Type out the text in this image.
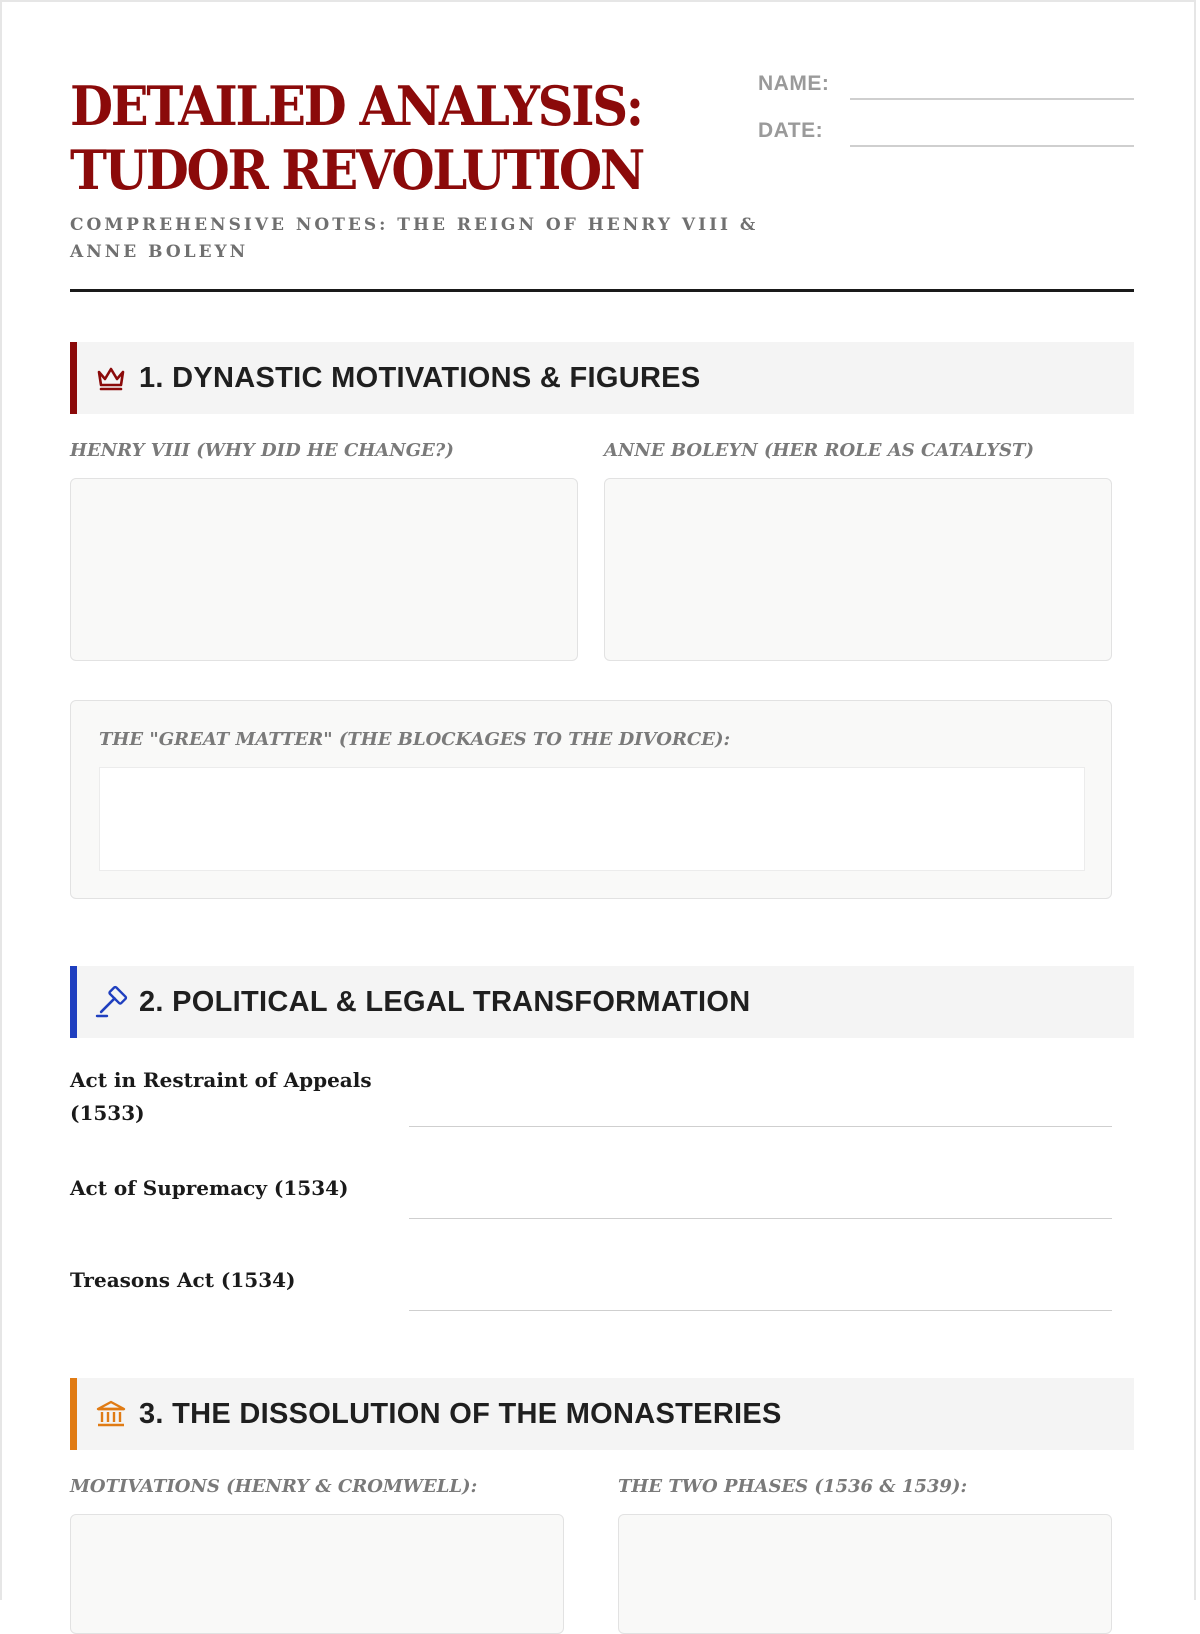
DETAILED ANALYSIS:
TUDOR REVOLUTION
COMPREHENSIVE NOTES: THE REIGN OF HENRY VIII & ANNE BOLEYN
NAME:
DATE:
1. DYNASTIC MOTIVATIONS & FIGURES
HENRY VIII (WHY DID HE CHANGE?)	ANNE BOLEYN (HER ROLE AS CATALYST)
THE "GREAT MATTER" (THE BLOCKAGES TO THE DIVORCE):
2. POLITICAL & LEGAL TRANSFORMATION
Act in Restraint of Appeals (1533)
Act of Supremacy (1534)
Treasons Act (1534)
3. THE DISSOLUTION OF THE MONASTERIES
MOTIVATIONS (HENRY & CROMWELL):	THE TWO PHASES (1536 & 1539):
